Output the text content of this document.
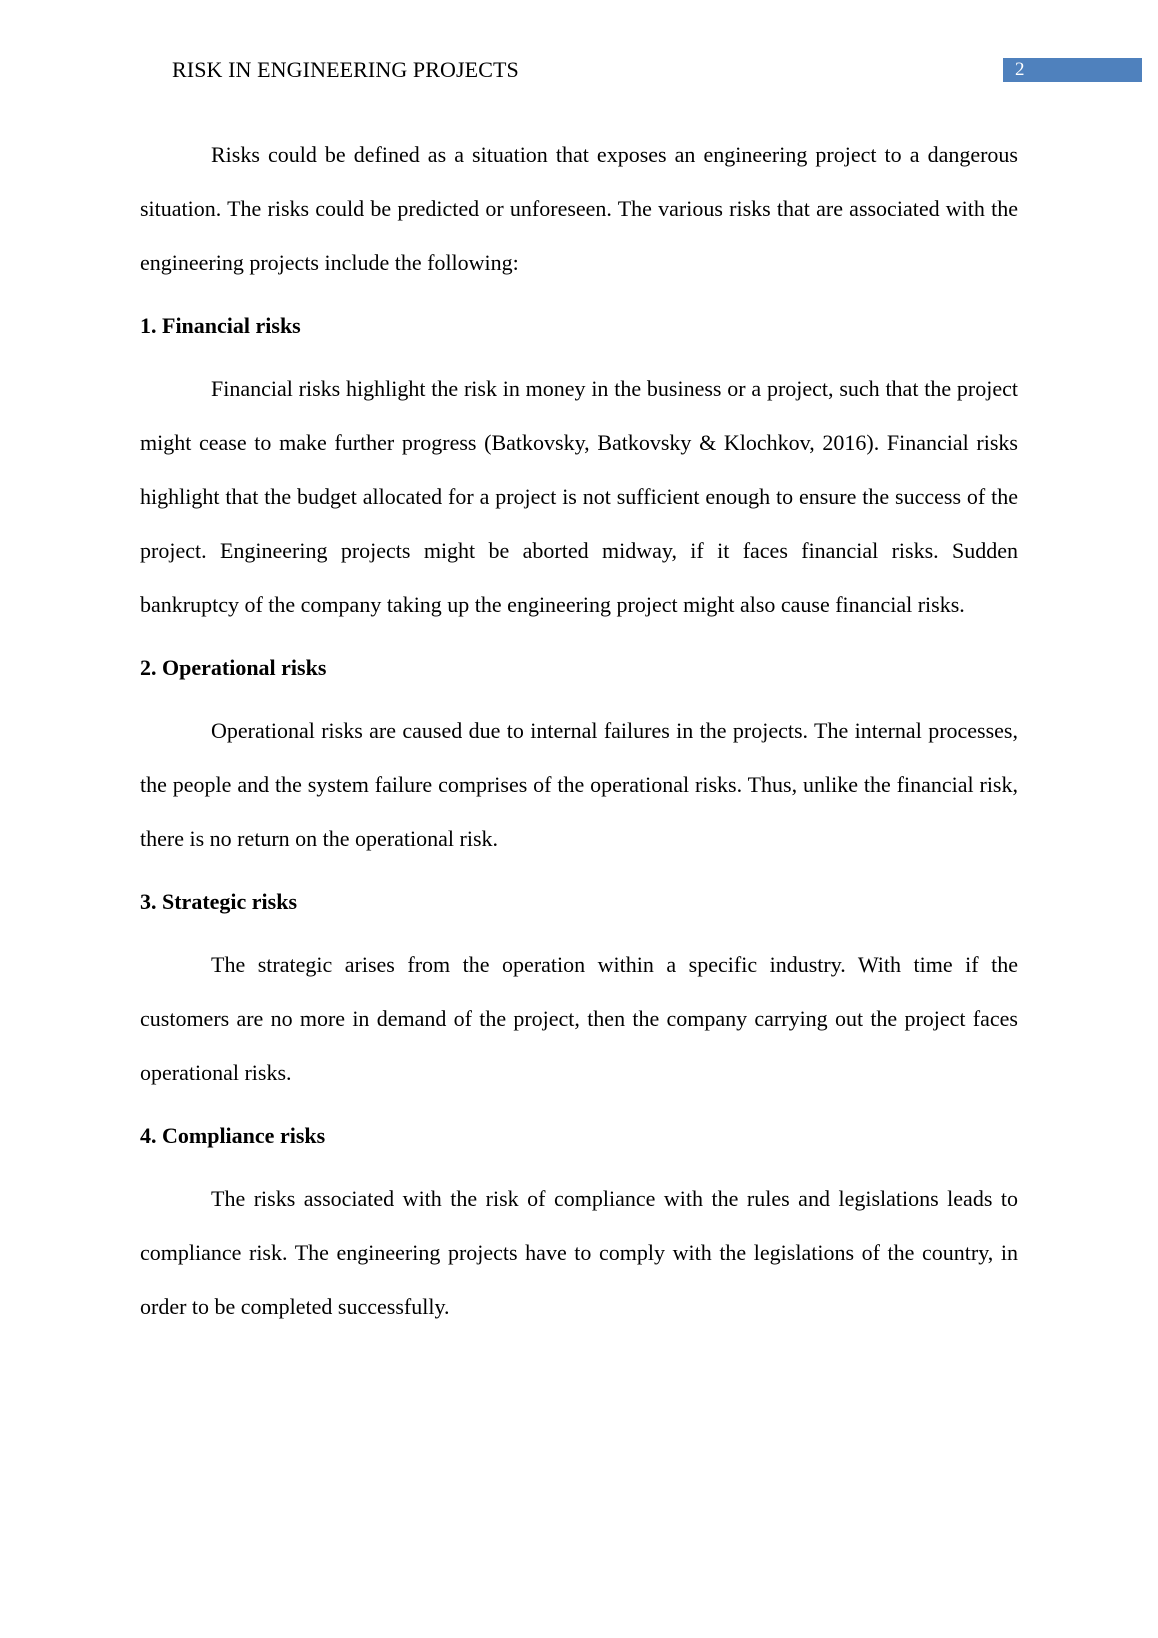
RISK IN ENGINEERING PROJECTS	2

Risks could be defined as a situation that exposes an engineering project to a dangerous situation. The risks could be predicted or unforeseen. The various risks that are associated with the engineering projects include the following:

1. Financial risks

Financial risks highlight the risk in money in the business or a project, such that the project might cease to make further progress (Batkovsky, Batkovsky & Klochkov, 2016). Financial risks highlight that the budget allocated for a project is not sufficient enough to ensure the success of the project. Engineering projects might be aborted midway, if it faces financial risks. Sudden bankruptcy of the company taking up the engineering project might also cause financial risks.

2. Operational risks

Operational risks are caused due to internal failures in the projects. The internal processes, the people and the system failure comprises of the operational risks. Thus, unlike the financial risk, there is no return on the operational risk.

3. Strategic risks

The strategic arises from the operation within a specific industry. With time if the customers are no more in demand of the project, then the company carrying out the project faces operational risks.

4. Compliance risks

The risks associated with the risk of compliance with the rules and legislations leads to compliance risk. The engineering projects have to comply with the legislations of the country, in order to be completed successfully.
